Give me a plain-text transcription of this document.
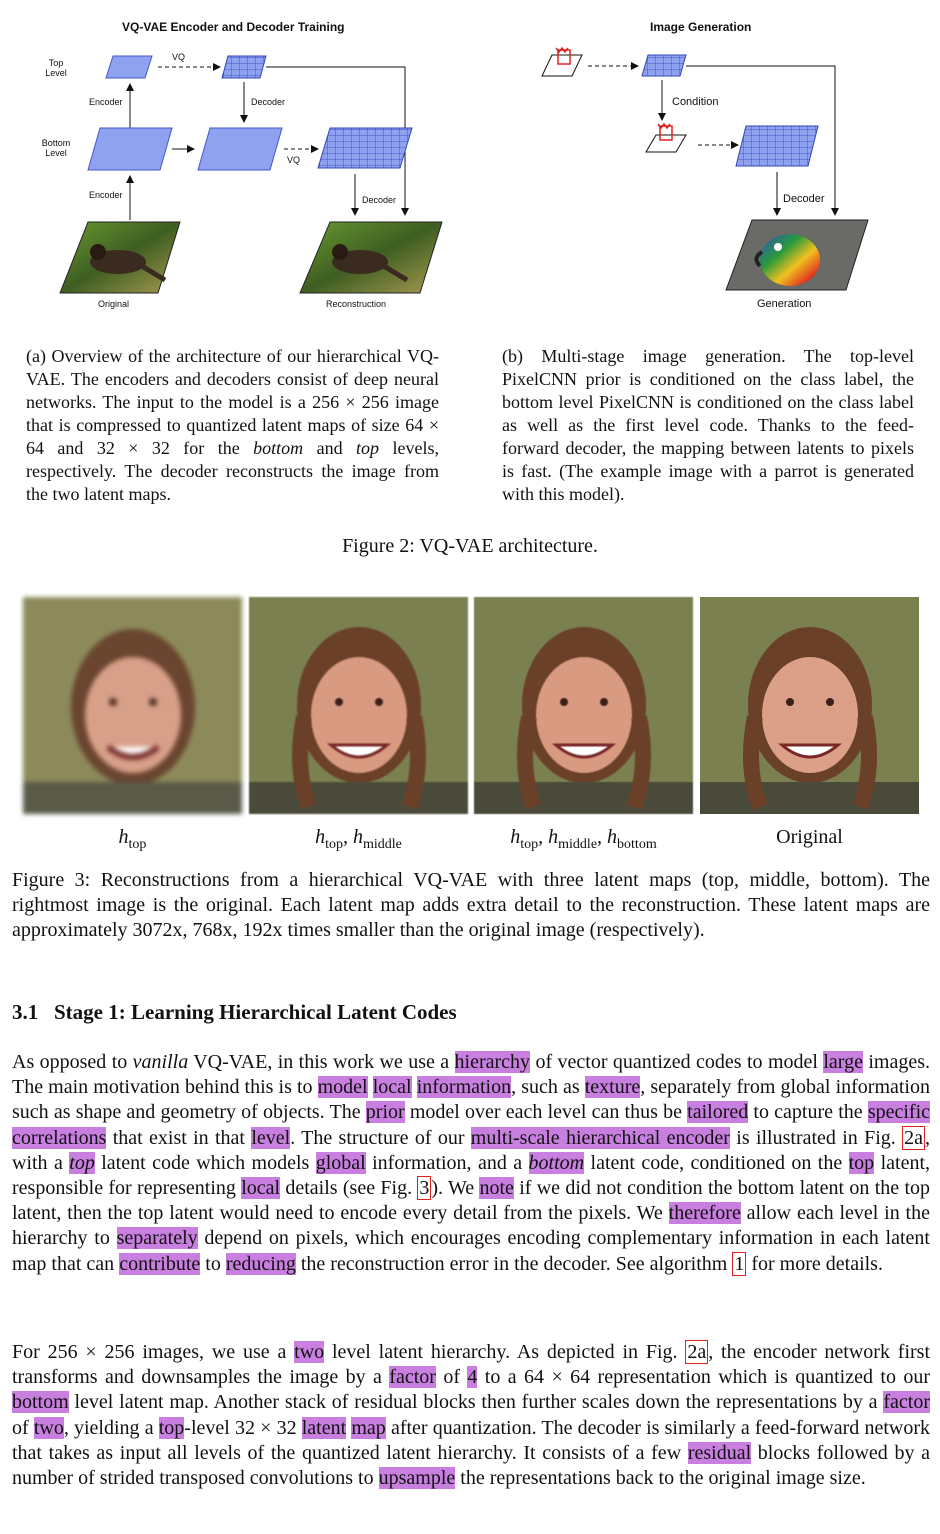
VQ-VAE Encoder and Decoder Training	Image Generation
Top Level
Bottom Level
VQ
VQ
Encoder
Encoder
Decoder
Decoder
Original	Reconstruction
Condition
Decoder
Generation
(a) Overview of the architecture of our hierarchical VQ-VAE. The encoders and decoders consist of deep neural networks. The input to the model is a 256 × 256 image that is compressed to quantized latent maps of size 64 × 64 and 32 × 32 for the bottom and top levels, respectively. The decoder reconstructs the image from the two latent maps.
(b) Multi-stage image generation. The top-level PixelCNN prior is conditioned on the class label, the bottom level PixelCNN is conditioned on the class label as well as the first level code. Thanks to the feed-forward decoder, the mapping between latents to pixels is fast. (The example image with a parrot is generated with this model).
Figure 2: VQ-VAE architecture.
$h_{top}$	$h_{top}$, $h_{middle}$	$h_{top}$, $h_{middle}$, $h_{bottom}$	Original
Figure 3: Reconstructions from a hierarchical VQ-VAE with three latent maps (top, middle, bottom). The rightmost image is the original. Each latent map adds extra detail to the reconstruction. These latent maps are approximately 3072x, 768x, 192x times smaller than the original image (respectively).
3.1 Stage 1: Learning Hierarchical Latent Codes
As opposed to vanilla VQ-VAE, in this work we use a hierarchy of vector quantized codes to model large images. The main motivation behind this is to model local information, such as texture, separately from global information such as shape and geometry of objects. The prior model over each level can thus be tailored to capture the specific correlations that exist in that level. The structure of our multi-scale hierarchical encoder is illustrated in Fig. 2a , with a top latent code which models global information, and a bottom latent code, conditioned on the top latent, responsible for representing local details (see Fig. 3 ). We note if we did not condition the bottom latent on the top latent, then the top latent would need to encode every detail from the pixels. We therefore allow each level in the hierarchy to separately depend on pixels, which encourages encoding complementary information in each latent map that can contribute to reducing the reconstruction error in the decoder. See algorithm 1 for more details.
For 256 × 256 images, we use a two level latent hierarchy. As depicted in Fig. 2a , the encoder network first transforms and downsamples the image by a factor of 4 to a 64 × 64 representation which is quantized to our bottom level latent map. Another stack of residual blocks then further scales down the representations by a factor of two, yielding a top-level 32 × 32 latent map after quantization. The decoder is similarly a feed-forward network that takes as input all levels of the quantized latent hierarchy. It consists of a few residual blocks followed by a number of strided transposed convolutions to upsample the representations back to the original image size.
